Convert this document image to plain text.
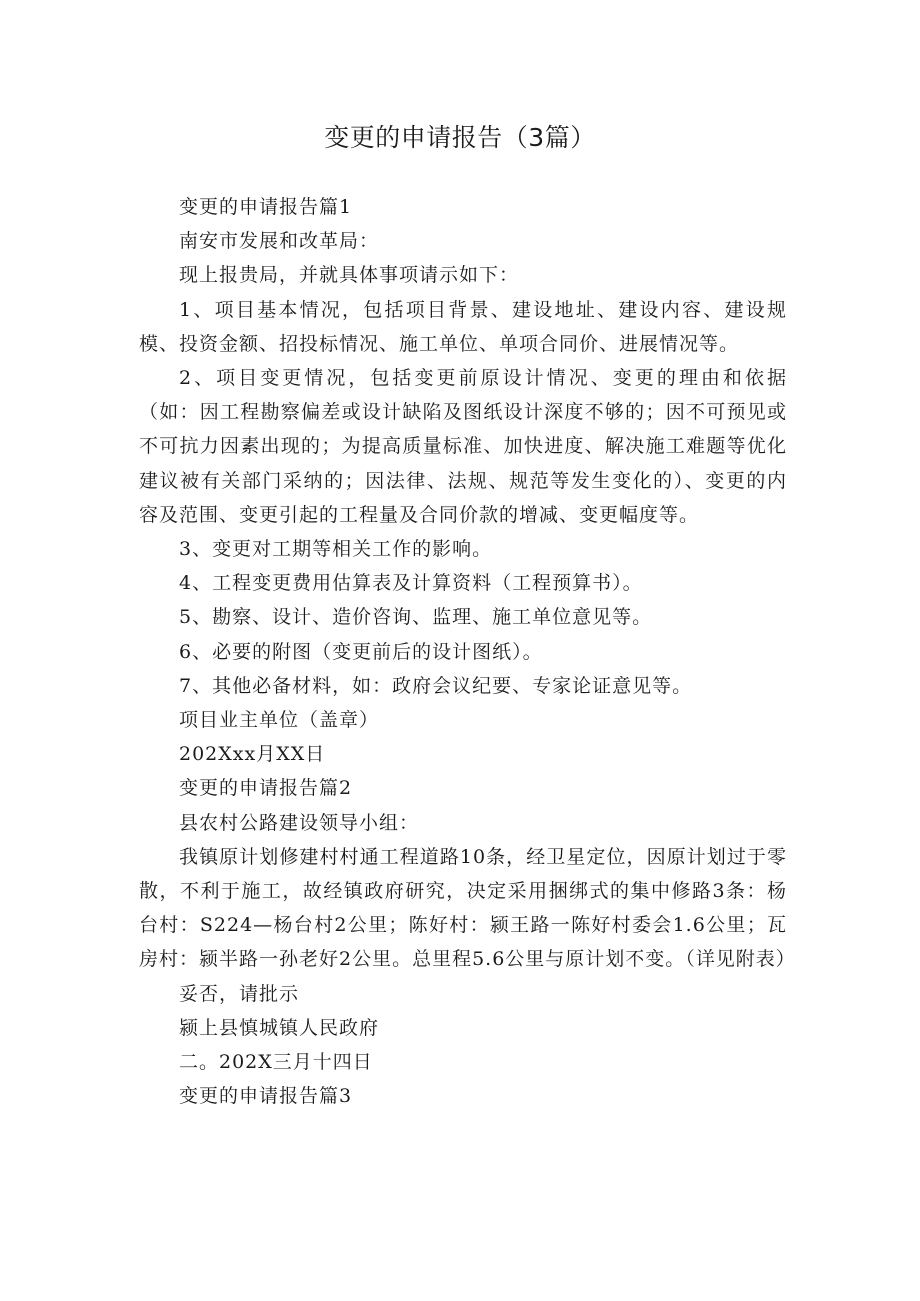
变更的申请报告（3篇）

变更的申请报告篇1

南安市发展和改革局：

现上报贵局，并就具体事项请示如下：

1、项目基本情况，包括项目背景、建设地址、建设内容、建设规模、投资金额、招投标情况、施工单位、单项合同价、进展情况等。

2、项目变更情况，包括变更前原设计情况、变更的理由和依据（如：因工程勘察偏差或设计缺陷及图纸设计深度不够的；因不可预见或不可抗力因素出现的；为提高质量标准、加快进度、解决施工难题等优化建议被有关部门采纳的；因法律、法规、规范等发生变化的）、变更的内容及范围、变更引起的工程量及合同价款的增减、变更幅度等。

3、变更对工期等相关工作的影响。

4、工程变更费用估算表及计算资料（工程预算书）。

5、勘察、设计、造价咨询、监理、施工单位意见等。

6、必要的附图（变更前后的设计图纸）。

7、其他必备材料，如：政府会议纪要、专家论证意见等。

项目业主单位（盖章）

202Xxx月XX日

变更的申请报告篇2

县农村公路建设领导小组：

我镇原计划修建村村通工程道路10条，经卫星定位，因原计划过于零散，不利于施工，故经镇政府研究，决定采用捆绑式的集中修路3条：杨台村：S224—杨台村2公里；陈好村：颍王路一陈好村委会1.6公里；瓦房村：颍半路一孙老好2公里。总里程5.6公里与原计划不变。（详见附表）

妥否，请批示

颍上县慎城镇人民政府

二。202X三月十四日

变更的申请报告篇3
